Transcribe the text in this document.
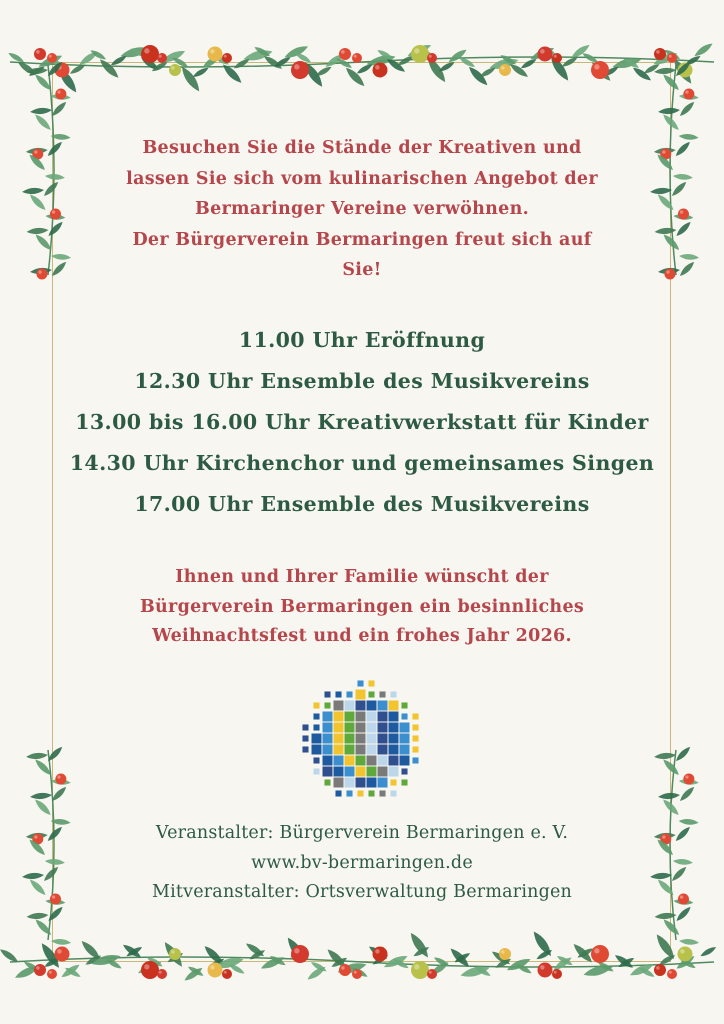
Besuchen Sie die Stände der Kreativen und
lassen Sie sich vom kulinarischen Angebot der
Bermaringer Vereine verwöhnen.
Der Bürgerverein Bermaringen freut sich auf
Sie!
11.00 Uhr Eröffnung
12.30 Uhr Ensemble des Musikvereins
13.00 bis 16.00 Uhr Kreativwerkstatt für Kinder
14.30 Uhr Kirchenchor und gemeinsames Singen
17.00 Uhr Ensemble des Musikvereins
Ihnen und Ihrer Familie wünscht der
Bürgerverein Bermaringen ein besinnliches
Weihnachtsfest und ein frohes Jahr 2026.
Veranstalter: Bürgerverein Bermaringen e. V.
www.bv-bermaringen.de
Mitveranstalter: Ortsverwaltung Bermaringen
